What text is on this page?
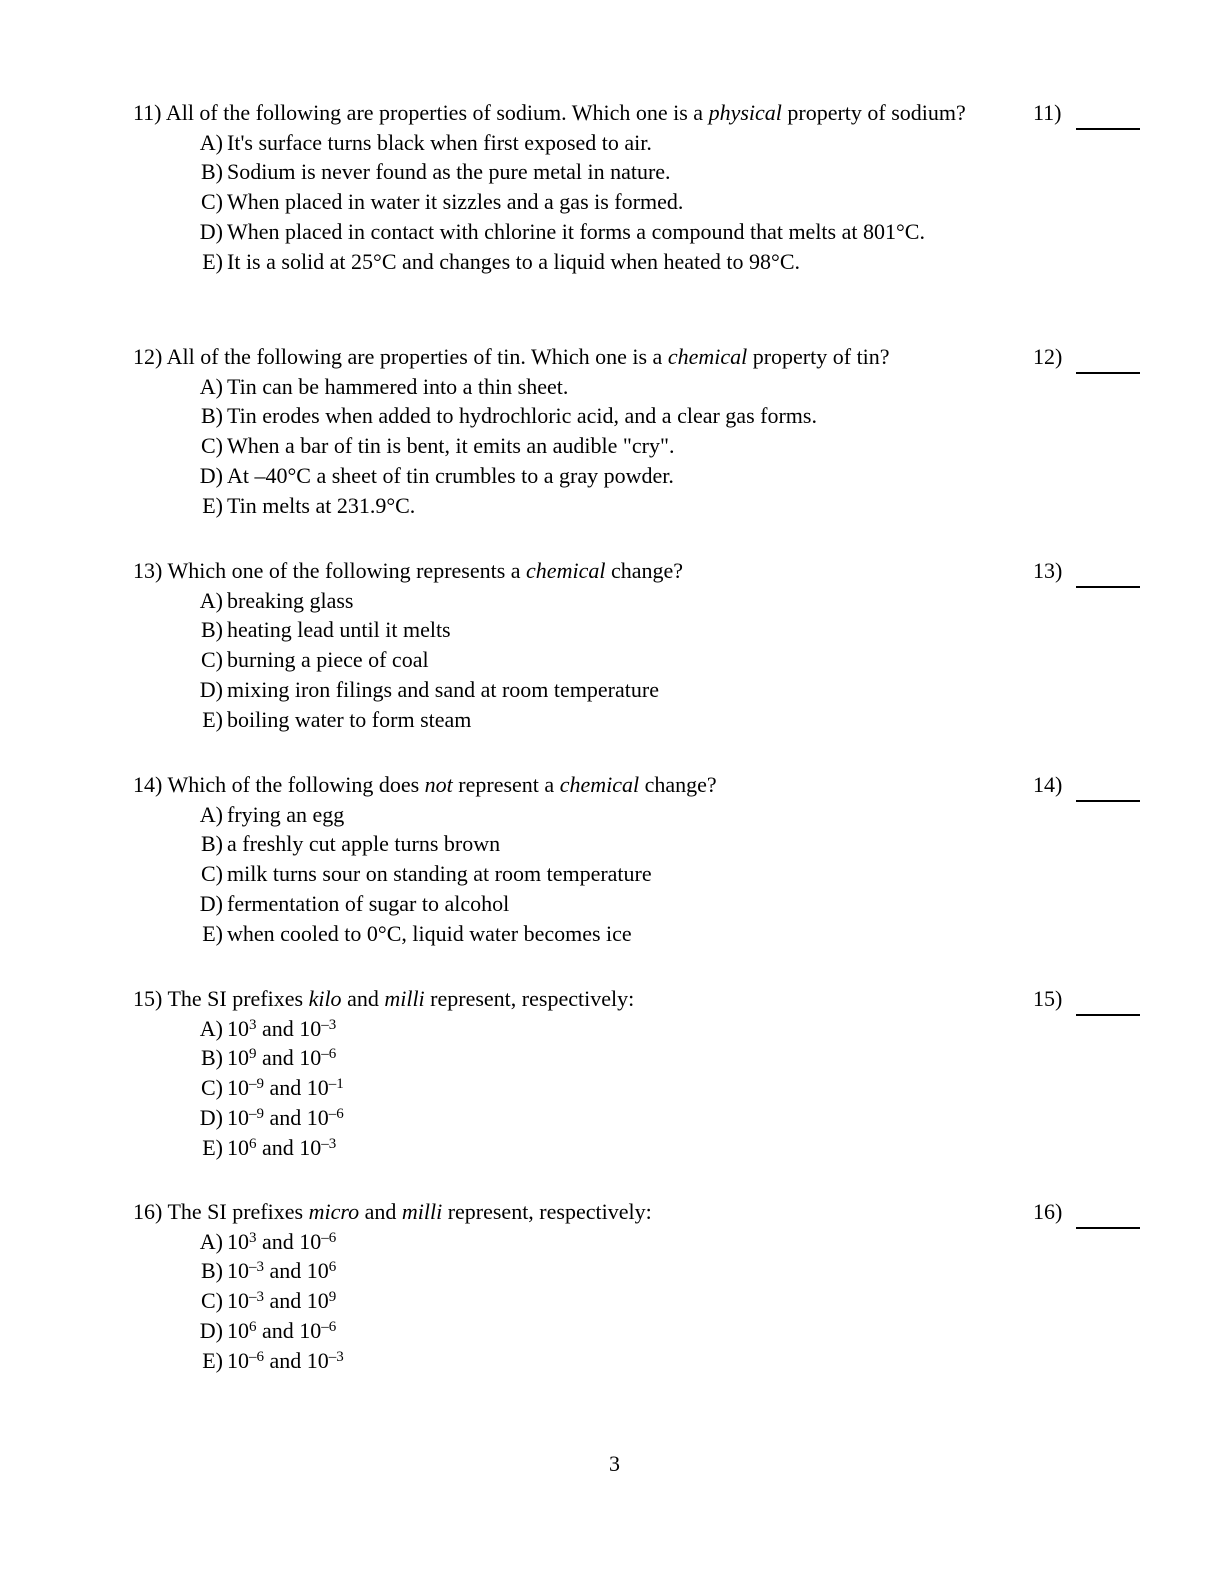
11) All of the following are properties of sodium. Which one is a physical property of sodium?	11)
A) It's surface turns black when first exposed to air.
B) Sodium is never found as the pure metal in nature.
C) When placed in water it sizzles and a gas is formed.
D) When placed in contact with chlorine it forms a compound that melts at 801°C.
E) It is a solid at 25°C and changes to a liquid when heated to 98°C.
12) All of the following are properties of tin. Which one is a chemical property of tin?	12)
A) Tin can be hammered into a thin sheet.
B) Tin erodes when added to hydrochloric acid, and a clear gas forms.
C) When a bar of tin is bent, it emits an audible "cry".
D) At –40°C a sheet of tin crumbles to a gray powder.
E) Tin melts at 231.9°C.
13) Which one of the following represents a chemical change?	13)
A) breaking glass
B) heating lead until it melts
C) burning a piece of coal
D) mixing iron filings and sand at room temperature
E) boiling water to form steam
14) Which of the following does not represent a chemical change?	14)
A) frying an egg
B) a freshly cut apple turns brown
C) milk turns sour on standing at room temperature
D) fermentation of sugar to alcohol
E) when cooled to 0°C, liquid water becomes ice
15) The SI prefixes kilo and milli represent, respectively:	15)
A) $10^3$ and $10^{-3}$
B) $10^9$ and $10^{-6}$
C) $10^{-9}$ and $10^{-1}$
D) $10^{-9}$ and $10^{-6}$
E) $10^6$ and $10^{-3}$
16) The SI prefixes micro and milli represent, respectively:	16)
A) $10^3$ and $10^{-6}$
B) $10^{-3}$ and $10^6$
C) $10^{-3}$ and $10^9$
D) $10^6$ and $10^{-6}$
E) $10^{-6}$ and $10^{-3}$
3
